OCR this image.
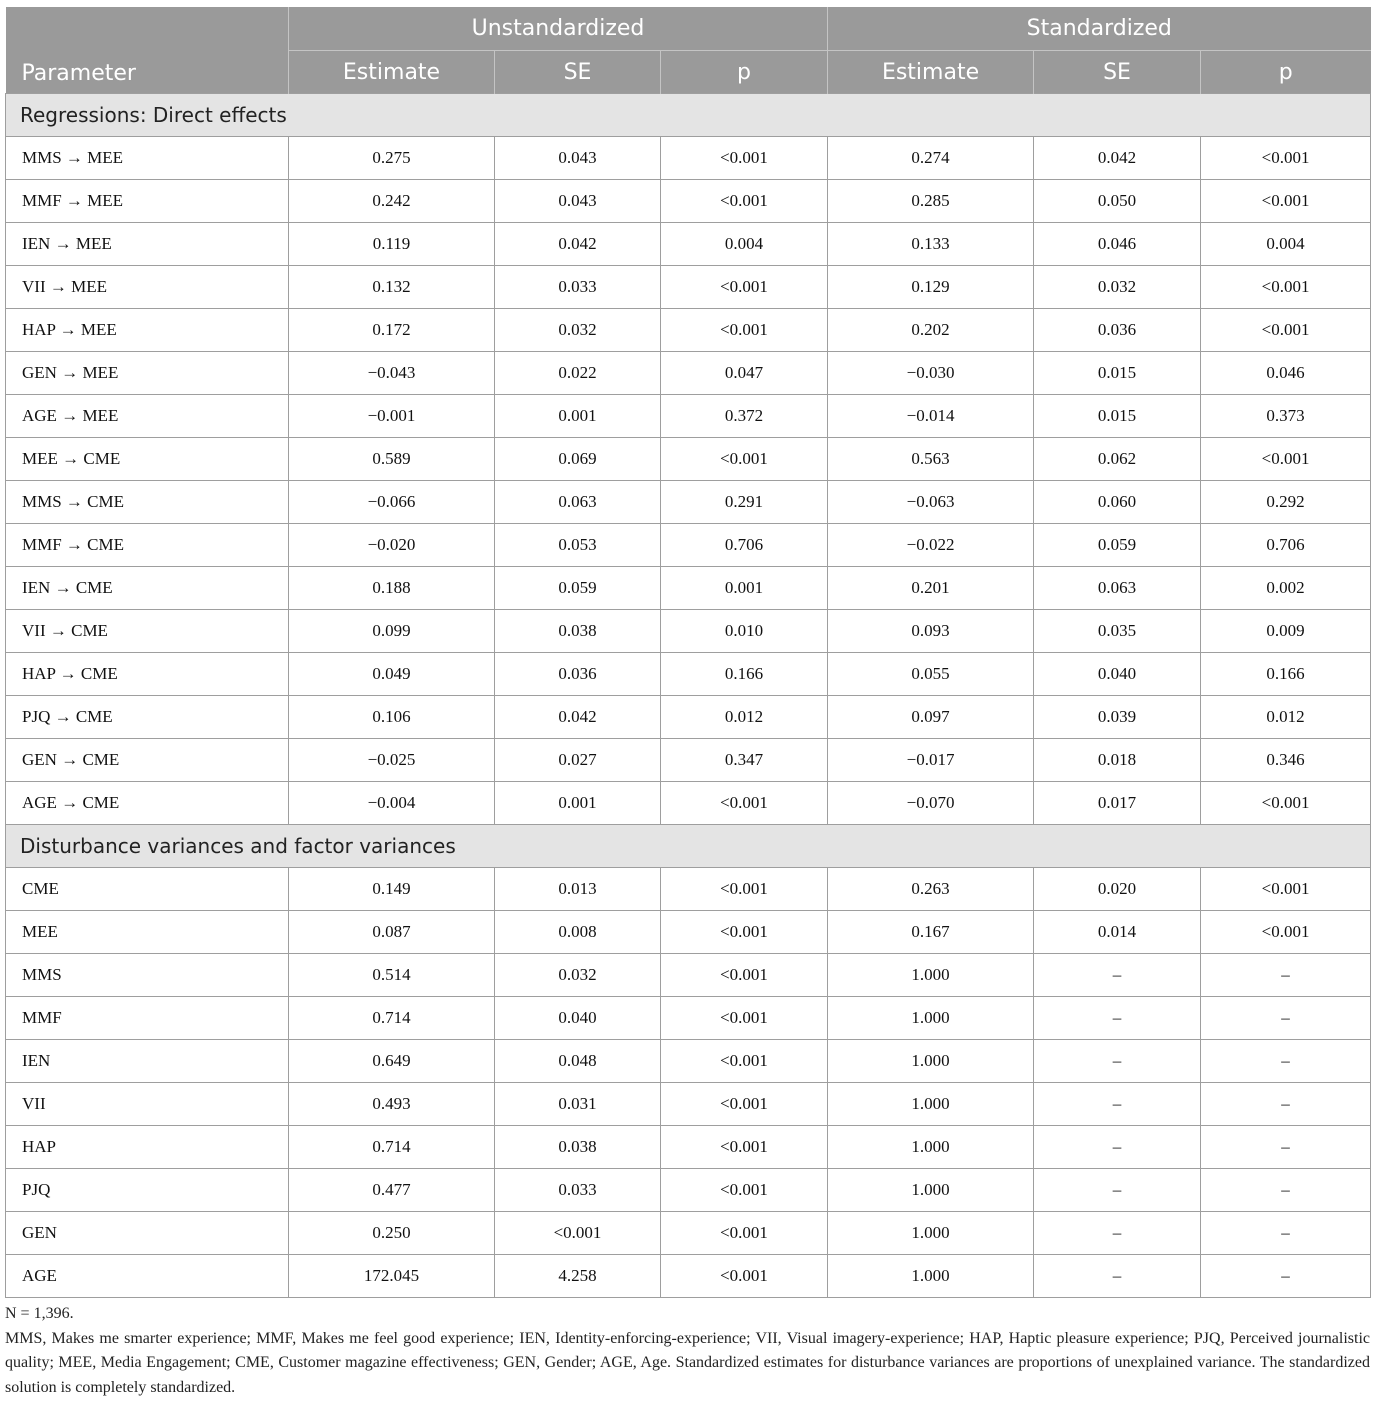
Parameter	Unstandardized			Standardized		
	Estimate	SE	p	Estimate	SE	p
Regressions: Direct effects						
MMS → MEE	0.275	0.043	<0.001	0.274	0.042	<0.001
MMF → MEE	0.242	0.043	<0.001	0.285	0.050	<0.001
IEN → MEE	0.119	0.042	0.004	0.133	0.046	0.004
VII → MEE	0.132	0.033	<0.001	0.129	0.032	<0.001
HAP → MEE	0.172	0.032	<0.001	0.202	0.036	<0.001
GEN → MEE	−0.043	0.022	0.047	−0.030	0.015	0.046
AGE → MEE	−0.001	0.001	0.372	−0.014	0.015	0.373
MEE → CME	0.589	0.069	<0.001	0.563	0.062	<0.001
MMS → CME	−0.066	0.063	0.291	−0.063	0.060	0.292
MMF → CME	−0.020	0.053	0.706	−0.022	0.059	0.706
IEN → CME	0.188	0.059	0.001	0.201	0.063	0.002
VII → CME	0.099	0.038	0.010	0.093	0.035	0.009
HAP → CME	0.049	0.036	0.166	0.055	0.040	0.166
PJQ → CME	0.106	0.042	0.012	0.097	0.039	0.012
GEN → CME	−0.025	0.027	0.347	−0.017	0.018	0.346
AGE → CME	−0.004	0.001	<0.001	−0.070	0.017	<0.001
Disturbance variances and factor variances						
CME	0.149	0.013	<0.001	0.263	0.020	<0.001
MEE	0.087	0.008	<0.001	0.167	0.014	<0.001
MMS	0.514	0.032	<0.001	1.000	–	–
MMF	0.714	0.040	<0.001	1.000	–	–
IEN	0.649	0.048	<0.001	1.000	–	–
VII	0.493	0.031	<0.001	1.000	–	–
HAP	0.714	0.038	<0.001	1.000	–	–
PJQ	0.477	0.033	<0.001	1.000	–	–
GEN	0.250	<0.001	<0.001	1.000	–	–
AGE	172.045	4.258	<0.001	1.000	–	–

N = 1,396.

MMS, Makes me smarter experience; MMF, Makes me feel good experience; IEN, Identity-enforcing-experience; VII, Visual imagery-experience; HAP, Haptic pleasure experience; PJQ, Perceived journalistic quality; MEE, Media Engagement; CME, Customer magazine effectiveness; GEN, Gender; AGE, Age. Standardized estimates for disturbance variances are proportions of unexplained variance. The standardized solution is completely standardized.
